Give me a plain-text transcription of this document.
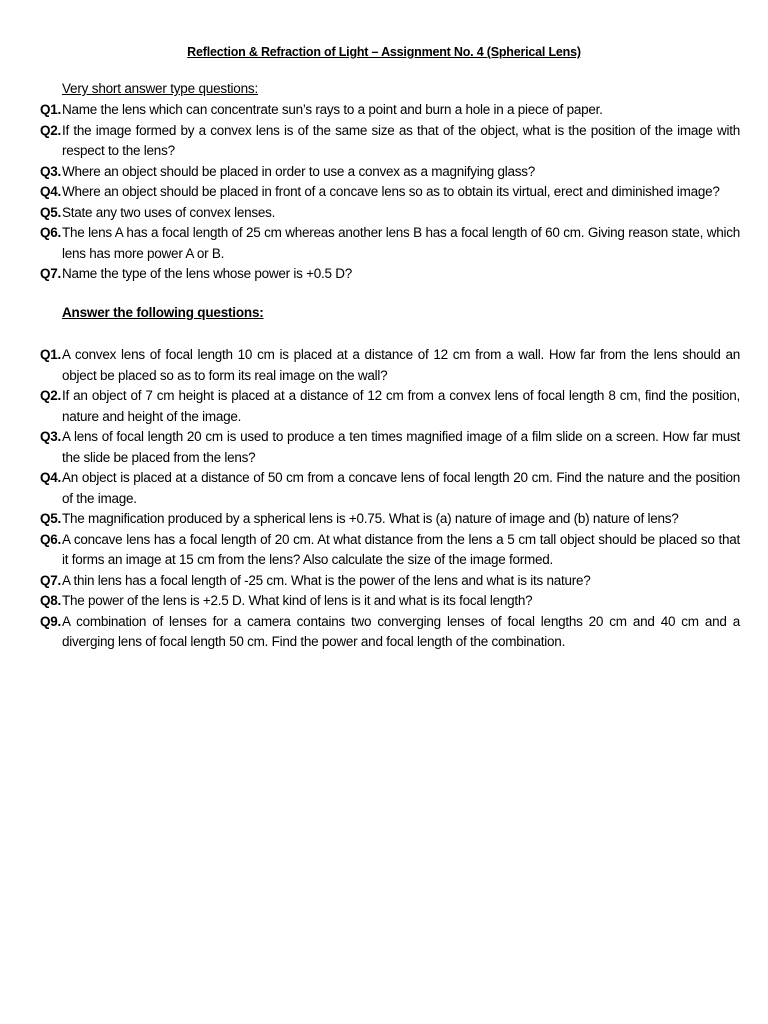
Reflection & Refraction of Light – Assignment No. 4 (Spherical Lens)
Very short answer type questions:
Q1. Name the lens which can concentrate sun’s rays to a point and burn a hole in a piece of paper.
Q2. If the image formed by a convex lens is of the same size as that of the object, what is the position of the image with respect to the lens?
Q3. Where an object should be placed in order to use a convex as a magnifying glass?
Q4. Where an object should be placed in front of a concave lens so as to obtain its virtual, erect and diminished image?
Q5. State any two uses of convex lenses.
Q6. The lens A has a focal length of 25 cm whereas another lens B has a focal length of 60 cm. Giving reason state, which lens has more power A or B.
Q7. Name the type of the lens whose power is +0.5 D?
Answer the following questions:
Q1. A convex lens of focal length 10 cm is placed at a distance of 12 cm from a wall. How far from the lens should an object be placed so as to form its real image on the wall?
Q2. If an object of 7 cm height is placed at a distance of 12 cm from a convex lens of focal length 8 cm, find the position, nature and height of the image.
Q3. A lens of focal length 20 cm is used to produce a ten times magnified image of a film slide on a screen. How far must the slide be placed from the lens?
Q4. An object is placed at a distance of 50 cm from a concave lens of focal length 20 cm. Find the nature and the position of the image.
Q5. The magnification produced by a spherical lens is +0.75. What is (a) nature of image and (b) nature of lens?
Q6. A concave lens has a focal length of 20 cm. At what distance from the lens a 5 cm tall object should be placed so that it forms an image at 15 cm from the lens? Also calculate the size of the image formed.
Q7. A thin lens has a focal length of -25 cm. What is the power of the lens and what is its nature?
Q8. The power of the lens is +2.5 D. What kind of lens is it and what is its focal length?
Q9. A combination of lenses for a camera contains two converging lenses of focal lengths 20 cm and 40 cm and a diverging lens of focal length 50 cm. Find the power and focal length of the combination.
